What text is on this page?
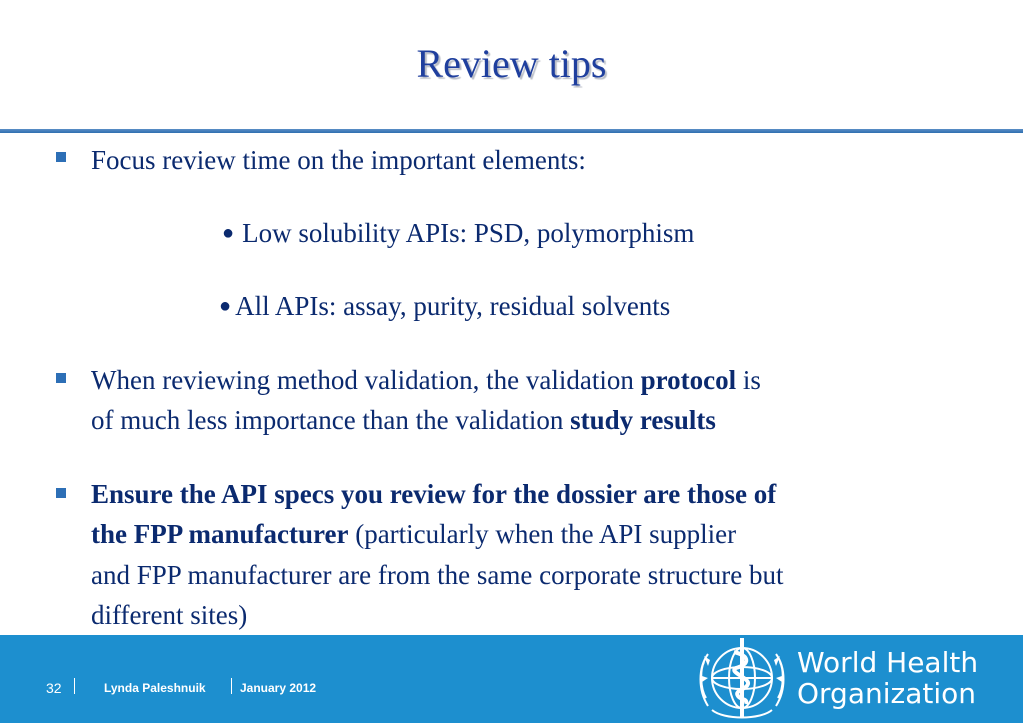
Review tips
Focus review time on the important elements:
● Low solubility APIs: PSD, polymorphism
● All APIs: assay, purity, residual solvents
When reviewing method validation, the validation protocol is
of much less importance than the validation study results
Ensure the API specs you review for the dossier are those of
the FPP manufacturer (particularly when the API supplier
and FPP manufacturer are from the same corporate structure but
different sites)
32	Lynda Paleshnuik	January 2012
World Health
Organization
